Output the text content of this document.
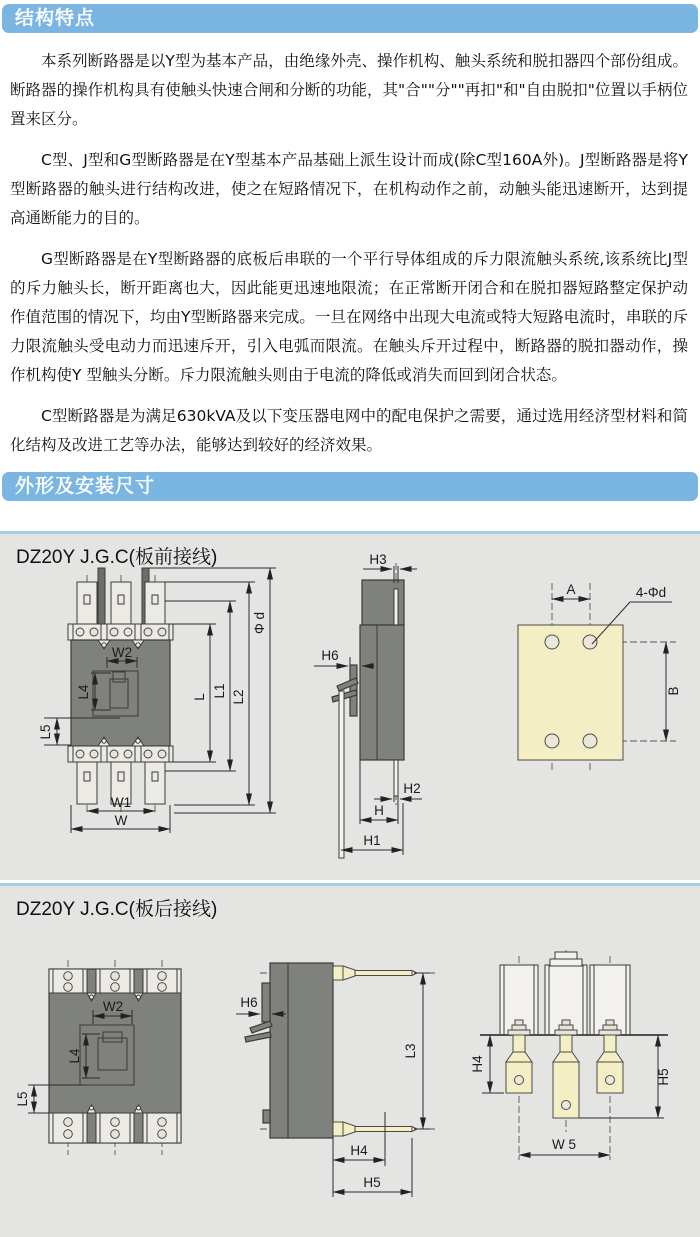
结构特点

本系列断路器是以Y型为基本产品，由绝缘外壳、操作机构、触头系统和脱扣器四个部份组成。断路器的操作机构具有使触头快速合闸和分断的功能，其"合""分""再扣"和"自由脱扣"位置以手柄位置来区分。

C型、J型和G型断路器是在Y型基本产品基础上派生设计而成(除C型160A外)。J型断路器是将Y型断路器的触头进行结构改进，使之在短路情况下，在机构动作之前，动触头能迅速断开，达到提高通断能力的目的。

G型断路器是在Y型断路器的底板后串联的一个平行导体组成的斥力限流触头系统,该系统比J型的斥力触头长，断开距离也大，因此能更迅速地限流；在正常断开闭合和在脱扣器短路整定保护动作值范围的情况下，均由Y型断路器来完成。一旦在网络中出现大电流或特大短路电流时，串联的斥力限流触头受电动力而迅速斥开，引入电弧而限流。在触头斥开过程中，断路器的脱扣器动作，操作机构使Y 型触头分断。斥力限流触头则由于电流的降低或消失而回到闭合状态。

C型断路器是为满足630kVA及以下变压器电网中的配电保护之需要，通过选用经济型材料和简化结构及改进工艺等办法，能够达到较好的经济效果。

外形及安装尺寸
DZ20Y J.G.C(板前接线)
W2
L4
L5
W1
W
L L1 L2
Φ d
H3
H6
H2
H
H1
A
B
4-Φd
DZ20Y J.G.C(板后接线)
W2
L4
L5
H6
L3
H4
H5
H4
H5
W 5
